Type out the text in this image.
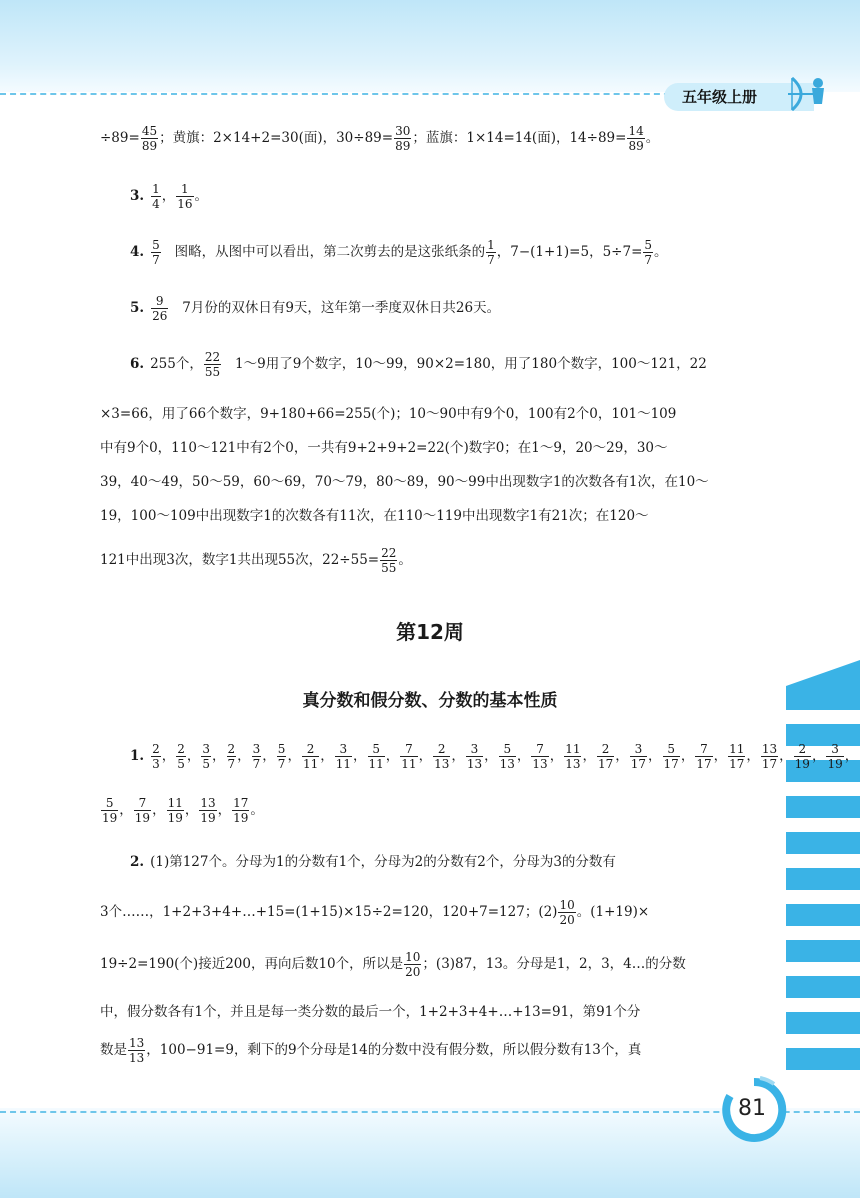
五年级上册
81
$\div 89= \frac{45}{89}$ ；黄旗：2×14+2=30(面)，$30\div 89= \frac{30}{89}$ ；蓝旗：1×14=14(面)，$14\div 89= \frac{14}{89}$ 。
3. $\frac{1}{4}$ ， $\frac{1}{16}$ 。
4. $\frac{5}{7}$ 图略，从图中可以看出，第二次剪去的是这张纸条的 $\frac{1}{7}$ ，7−(1+1)=5，$5\div 7= \frac{5}{7}$ 。
5. $\frac{9}{26} 7$月份的双休日有9天，这年第一季度双休日共26天。
6. 255个， $\frac{22}{55}$ 1～9用了9个数字，10～99，90×2=180，用了180个数字，100～121，22
×3=66，用了66个数字，9+180+66=255(个)；10～90中有9个0，100有2个0，101～109
中有9个0，110～121中有2个0，一共有9+2+9+2=22(个)数字0；在1～9，20～29，30～
39，40～49，50～59，60～69，70～79，80～89，90～99中出现数字1的次数各有1次，在10～
19，100～109中出现数字1的次数各有11次，在110～119中出现数字1有21次；在120～
121中出现3次，数字1共出现55次，$22\div 55= \frac{22}{55}$ 。
第12周
真分数和假分数、分数的基本性质
1. $\frac{2}{3}$ ， $\frac{2}{5}$ ， $\frac{3}{5}$ ， $\frac{2}{7}$ ， $\frac{3}{7}$ ， $\frac{5}{7}$ ， $\frac{2}{11}$ ， $\frac{3}{11}$ ， $\frac{5}{11}$ ， $\frac{7}{11}$ ， $\frac{2}{13}$ ， $\frac{3}{13}$ ， $\frac{5}{13}$ ， $\frac{7}{13}$ ， $\frac{11}{13}$ ， $\frac{2}{17}$ ， $\frac{3}{17}$ ， $\frac{5}{17}$ ， $\frac{7}{17}$ ， $\frac{11}{17}$ ， $\frac{13}{17}$ ， $\frac{2}{19}$ ， $\frac{3}{19}$ ，
$\frac{5}{19}$ ， $\frac{7}{19}$ ， $\frac{11}{19}$ ， $\frac{13}{19}$ ， $\frac{17}{19}$ 。
2. (1)第127个。分母为1的分数有1个，分母为2的分数有2个，分母为3的分数有
3个……，1+2+3+4+…+15=(1+15)×15÷2=120，120+7=127；$(2) \frac{10}{20}$ 。(1+19)×
19÷2=190(个)接近200，再向后数10个，所以是 $\frac{10}{20}$ ；(3)87，13。分母是1，2，3，4…的分数
中，假分数各有1个，并且是每一类分数的最后一个，1+2+3+4+…+13=91，第91个分
数是 $\frac{13}{13}$ ，100−91=9，剩下的9个分母是14的分数中没有假分数，所以假分数有13个，真
